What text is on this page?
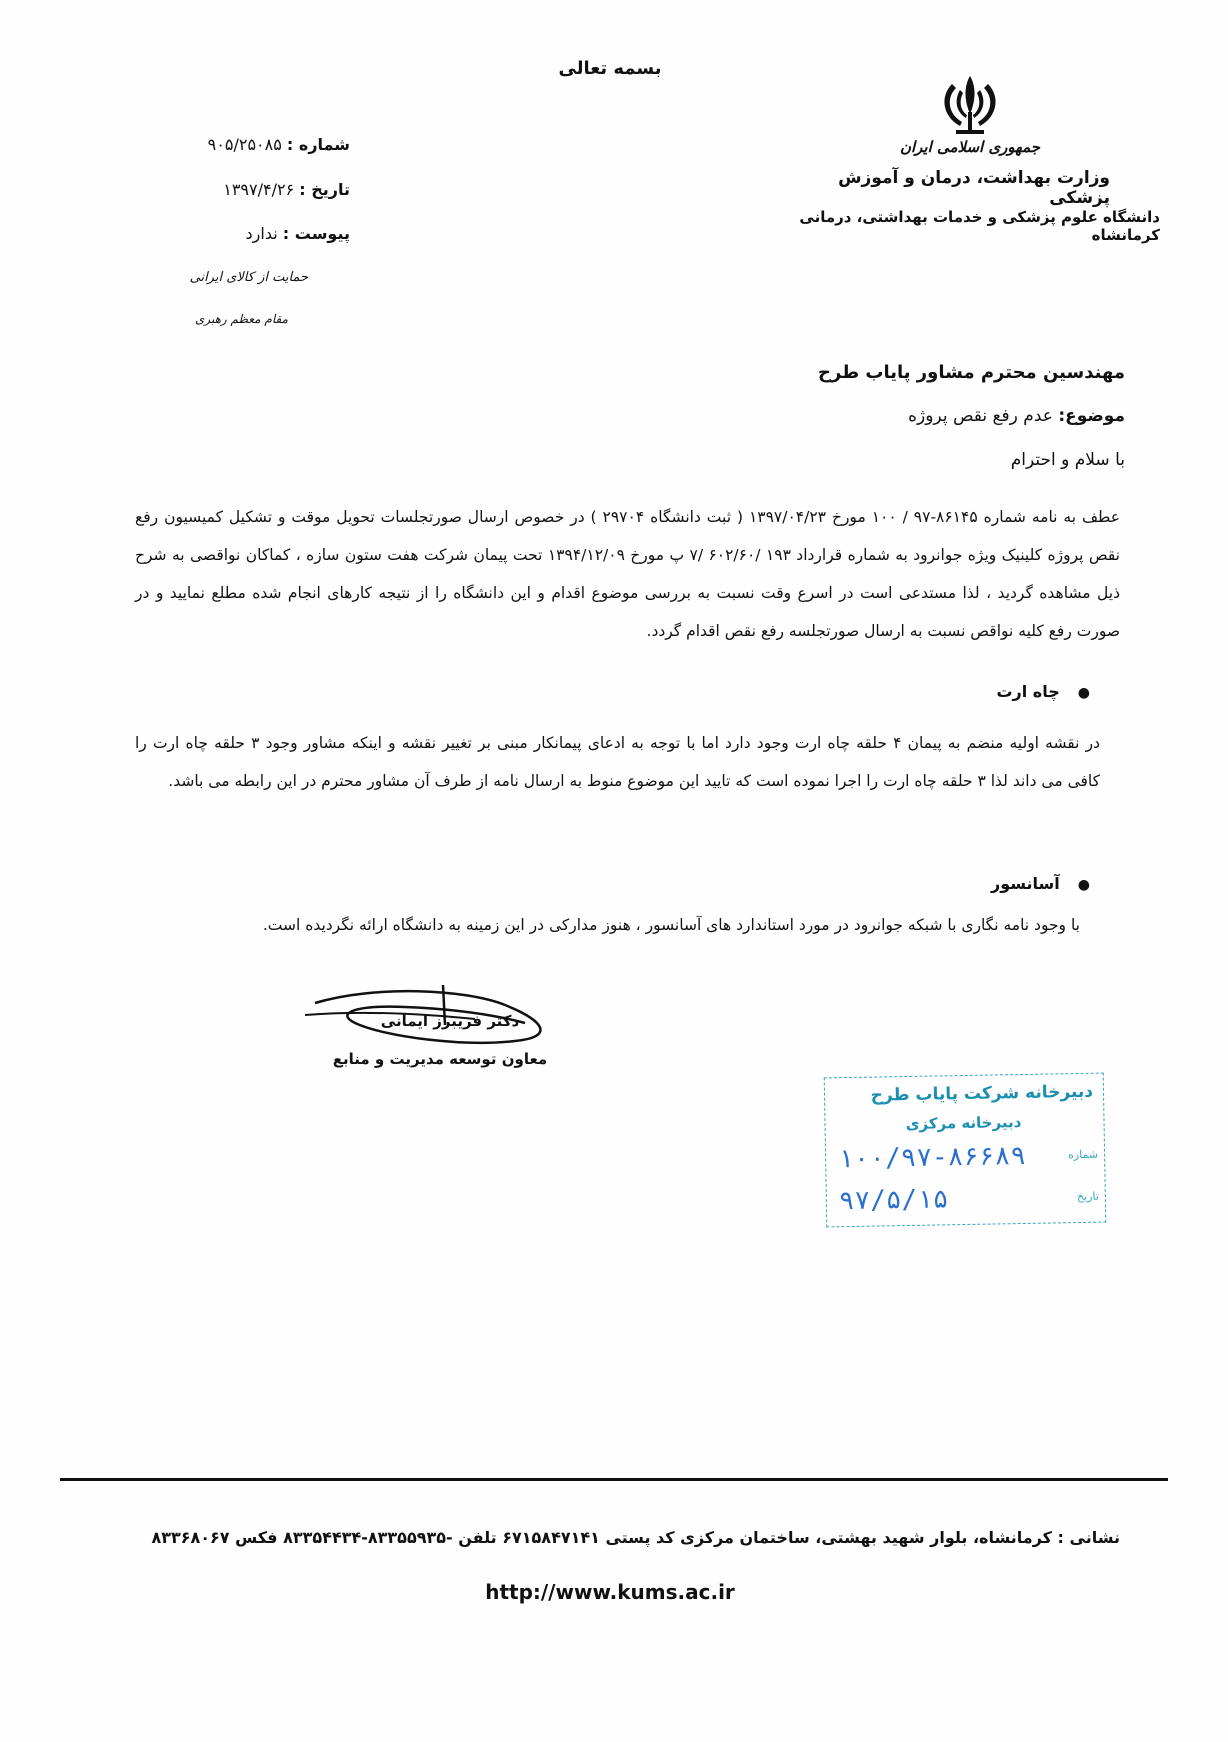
بسمه تعالی
جمهوری اسلامی ایران
وزارت بهداشت، درمان و آموزش پزشکی
دانشگاه علوم پزشکی و خدمات بهداشتی، درمانی کرمانشاه
شماره : ۹۰۵/۲۵۰۸۵
تاریخ : ۱۳۹۷/۴/۲۶
پیوست : ندارد
حمایت از کالای ایرانی
مقام معظم رهبری
مهندسین محترم مشاور پایاب طرح
موضوع: عدم رفع نقص پروژه
با سلام و احترام
عطف به نامه شماره ۸۶۱۴۵-۹۷ / ۱۰۰ مورخ ۱۳۹۷/۰۴/۲۳ ( ثبت دانشگاه ۲۹۷۰۴ ) در خصوص ارسال صورتجلسات تحویل موقت و تشکیل کمیسیون رفع نقص پروژه کلینیک ویژه جوانرود به شماره قرارداد ۱۹۳ /۶۰۲/۶۰ /۷ پ مورخ ۱۳۹۴/۱۲/۰۹ تحت پیمان شرکت هفت ستون سازه ، کماکان نواقصی به شرح ذیل مشاهده گردید ، لذا مستدعی است در اسرع وقت نسبت به بررسی موضوع اقدام و این دانشگاه را از نتیجه کارهای انجام شده مطلع نمایید و در صورت رفع کلیه نواقص نسبت به ارسال صورتجلسه رفع نقص اقدام گردد.
●چاه ارت
در نقشه اولیه منضم به پیمان ۴ حلقه چاه ارت وجود دارد اما با توجه به ادعای پیمانکار مبنی بر تغییر نقشه و اینکه مشاور وجود ۳ حلقه چاه ارت را کافی می داند لذا ۳ حلقه چاه ارت را اجرا نموده است که تایید این موضوع منوط به ارسال نامه از طرف آن مشاور محترم در این رابطه می باشد.
●آسانسور
با وجود نامه نگاری با شبکه جوانرود در مورد استاندارد های آسانسور ، هنوز مدارکی در این زمینه به دانشگاه ارائه نگردیده است.
دکتر فریبرز ایمانی
معاون توسعه مدیریت و منابع
دبیرخانه شرکت پایاب طرح
دبیرخانه مرکزی
شماره
۱۰۰/۹۷-۸۶۶۸۹
تاریخ
۹۷/۵/۱۵
نشانی : کرمانشاه، بلوار شهید بهشتی، ساختمان مرکزی کد پستی ۶۷۱۵۸۴۷۱۴۱ تلفن -۸۳۳۵۵۹۳۵-۸۳۳۵۴۴۳۴ فکس ۸۳۳۶۸۰۶۷
http://www.kums.ac.ir
